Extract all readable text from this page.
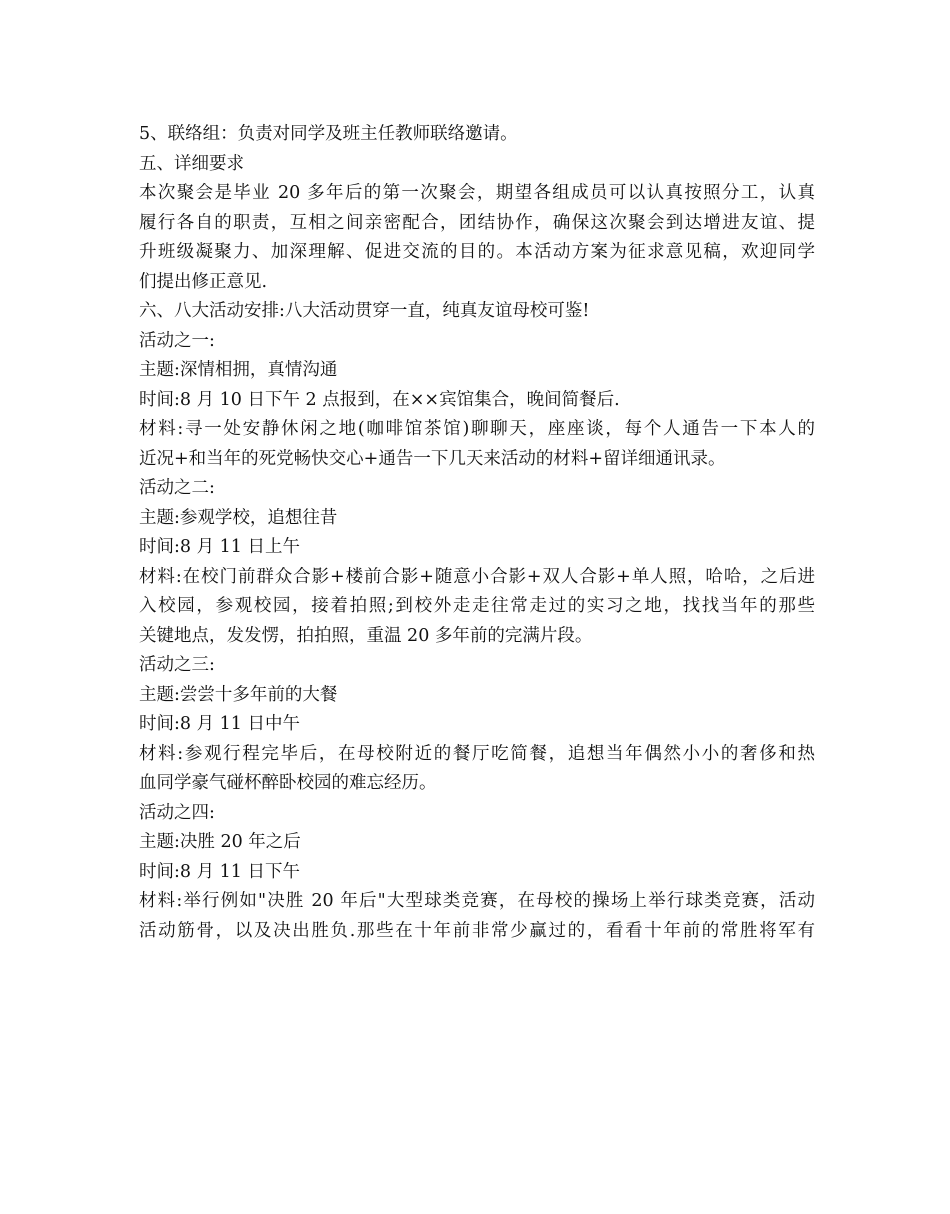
5、联络组：负责对同学及班主任教师联络邀请。
五、详细要求
本次聚会是毕业 20 多年后的第一次聚会，期望各组成员可以认真按照分工，认真
履行各自的职责，互相之间亲密配合，团结协作，确保这次聚会到达增进友谊、提
升班级凝聚力、加深理解、促进交流的目的。本活动方案为征求意见稿，欢迎同学
们提出修正意见.
六、八大活动安排:八大活动贯穿一直，纯真友谊母校可鉴!
活动之一:
主题:深情相拥，真情沟通
时间:8 月 10 日下午 2 点报到，在××宾馆集合，晚间简餐后.
材料:寻一处安静休闲之地(咖啡馆茶馆)聊聊天，座座谈，每个人通告一下本人的
近况+和当年的死党畅快交心+通告一下几天来活动的材料+留详细通讯录。
活动之二:
主题:参观学校，追想往昔
时间:8 月 11 日上午
材料:在校门前群众合影+楼前合影+随意小合影+双人合影+单人照，哈哈，之后进
入校园，参观校园，接着拍照;到校外走走往常走过的实习之地，找找当年的那些
关键地点，发发愣，拍拍照，重温 20 多年前的完满片段。
活动之三:
主题:尝尝十多年前的大餐
时间:8 月 11 日中午
材料:参观行程完毕后，在母校附近的餐厅吃简餐，追想当年偶然小小的奢侈和热
血同学豪气碰杯醉卧校园的难忘经历。
活动之四:
主题:决胜 20 年之后
时间:8 月 11 日下午
材料:举行例如"决胜 20 年后"大型球类竞赛，在母校的操场上举行球类竞赛，活动
活动筋骨，以及决出胜负.那些在十年前非常少赢过的，看看十年前的常胜将军有
